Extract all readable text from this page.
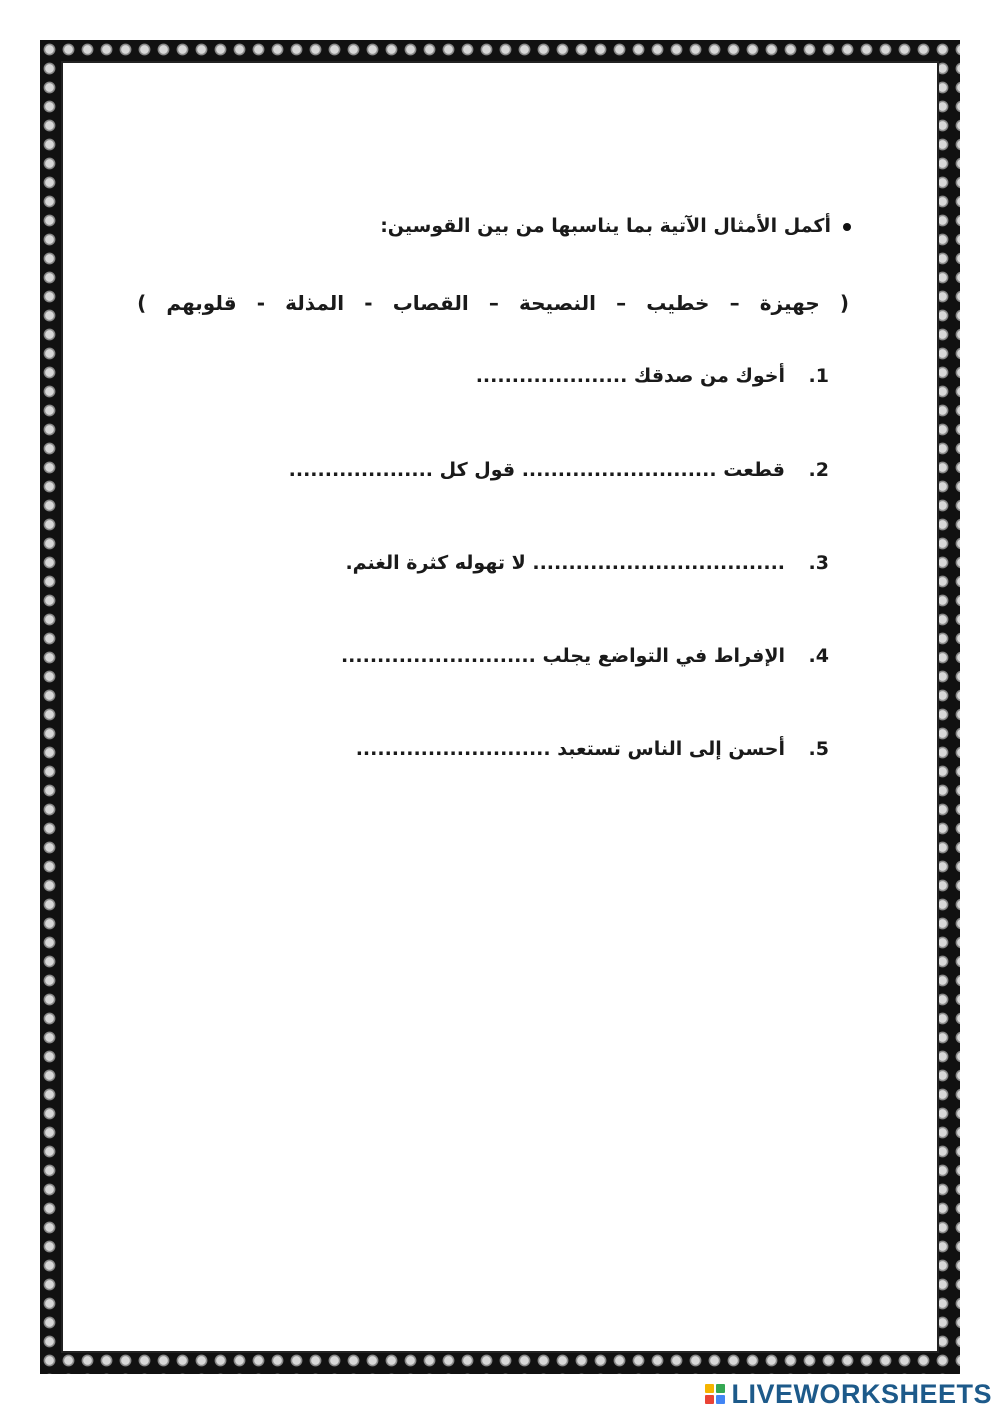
أكمل الأمثال الآتية بما يناسبها من بين القوسين:
(
جهيزة
–
خطيب
–
النصيحة
–
القصاب
-
المذلة
-
قلوبهم
)
1.أخوك من صدقك .....................
2.قطعت ........................... قول كل ....................
3.................................... لا تهوله كثرة الغنم.
4.الإفراط في التواضع يجلب ...........................
5.أحسن إلى الناس تستعبد ...........................
LIVEWORKSHEETS
